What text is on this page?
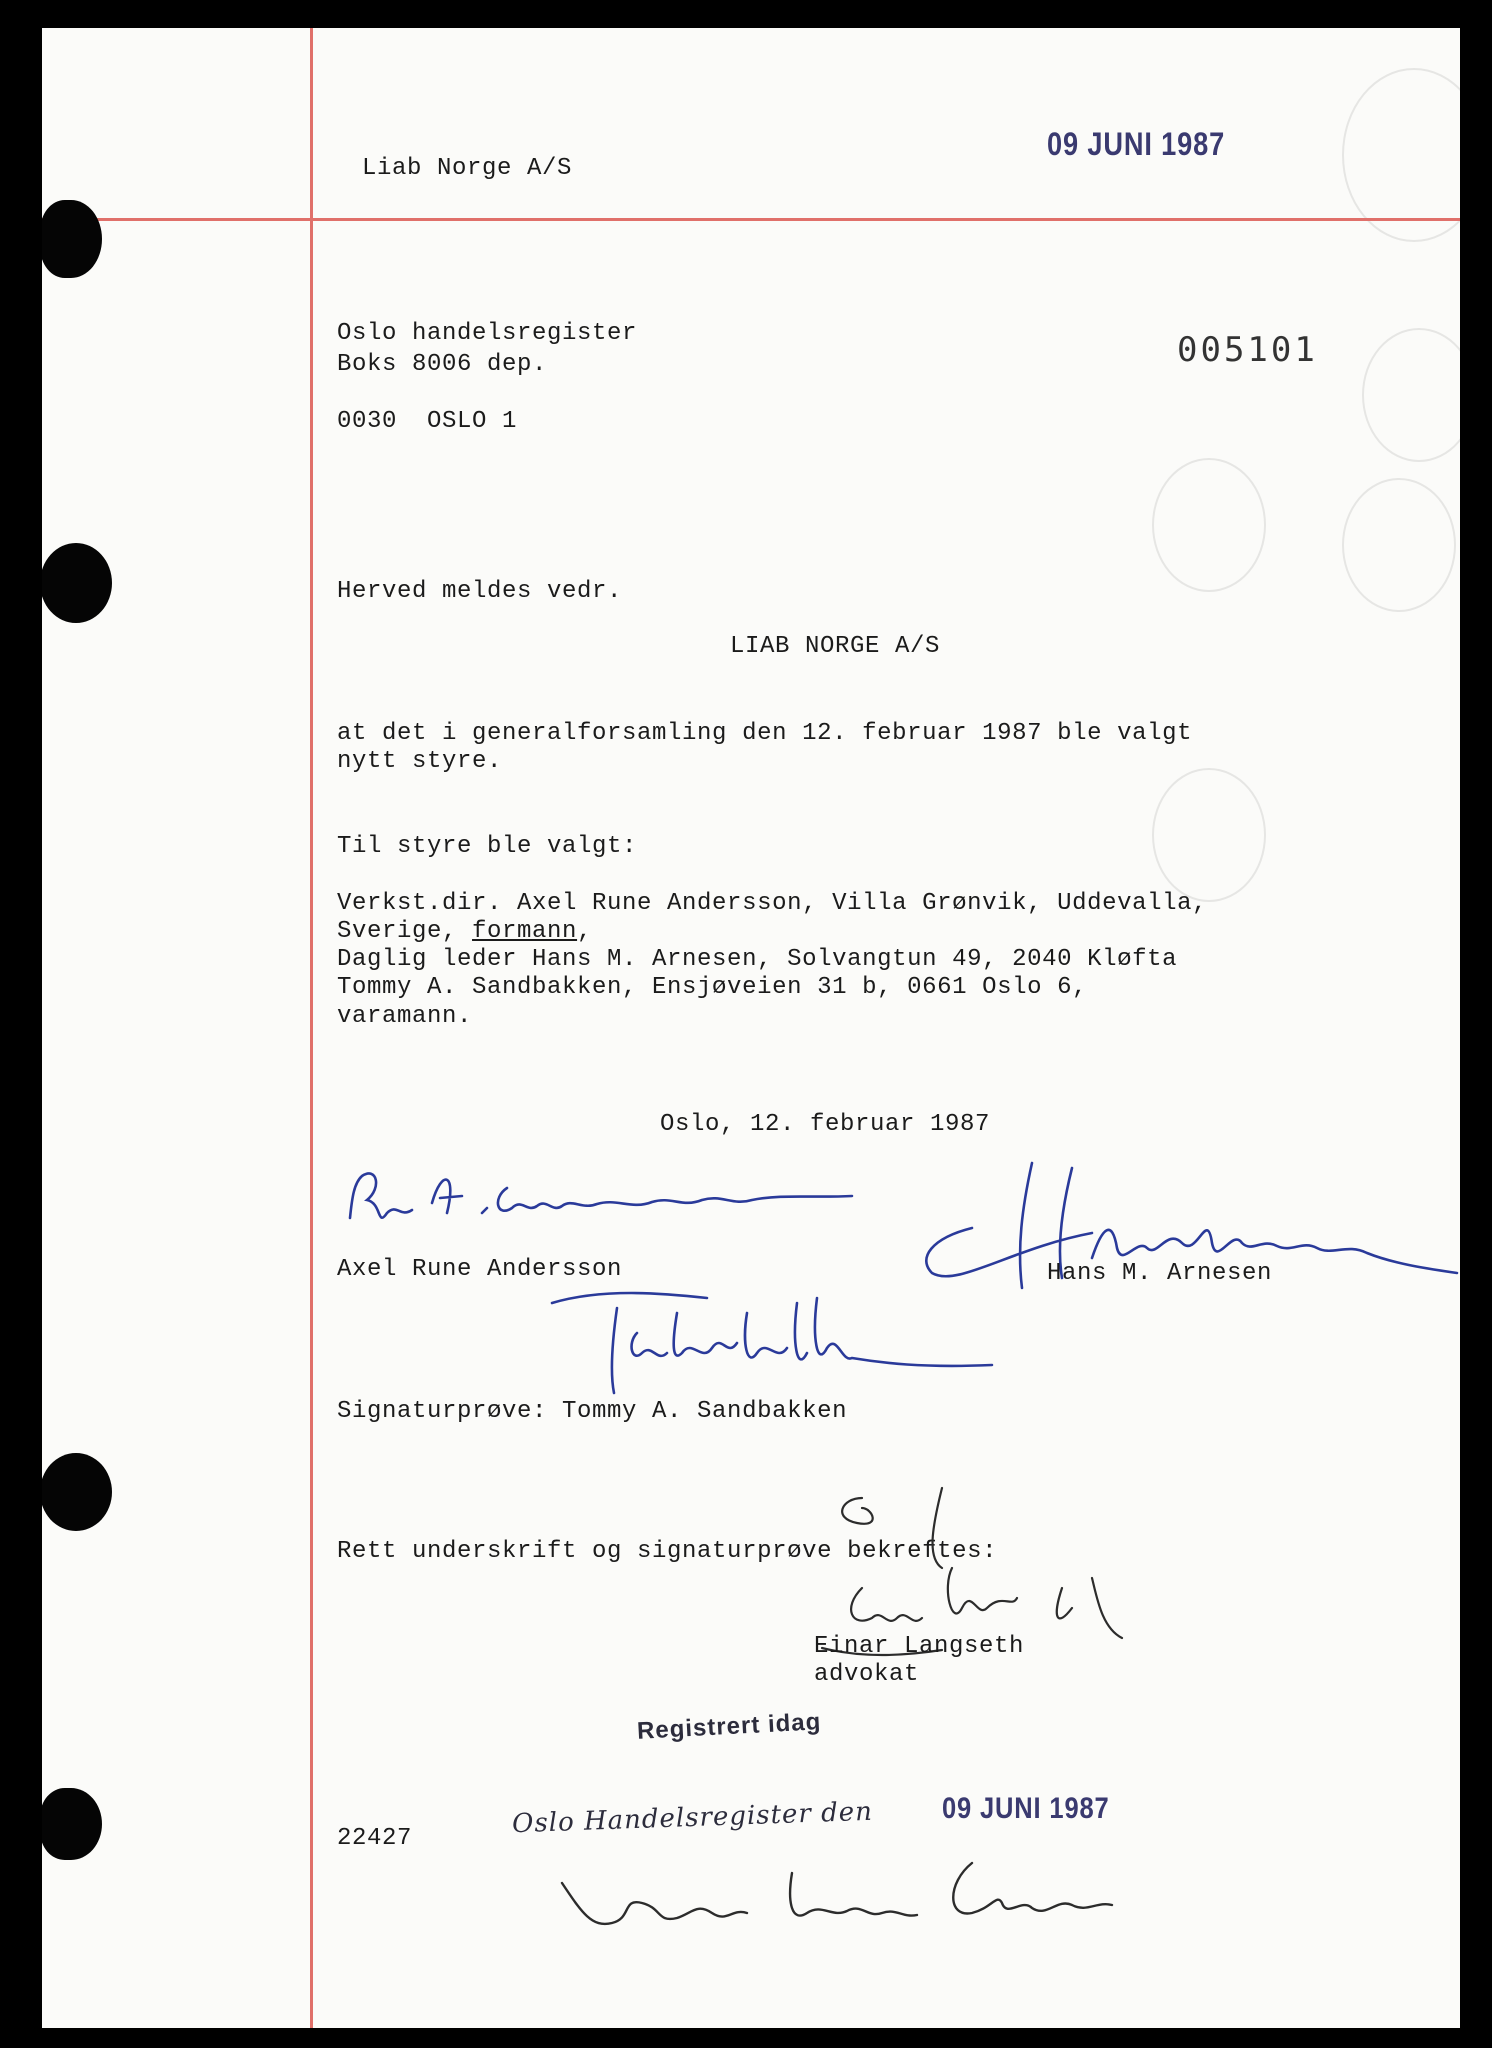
Liab Norge A/S
09 JUNI 1987
Oslo handelsregister
Boks 8006 dep.
0030  OSLO 1
005101
Herved meldes vedr.
LIAB NORGE A/S
at det i generalforsamling den 12. februar 1987 ble valgt
nytt styre.
Til styre ble valgt:
Verkst.dir. Axel Rune Andersson, Villa Grønvik, Uddevalla,
Sverige, formann,
Daglig leder Hans M. Arnesen, Solvangtun 49, 2040 Kløfta
Tommy A. Sandbakken, Ensjøveien 31 b, 0661 Oslo 6,
varamann.
Oslo, 12. februar 1987
Axel Rune Andersson	Hans M. Arnesen
Signaturprøve: Tommy A. Sandbakken
Rett underskrift og signaturprøve bekreftes:
Einar Langseth
advokat
Registrert idag
Oslo Handelsregister den 09 JUNI 1987
22427
